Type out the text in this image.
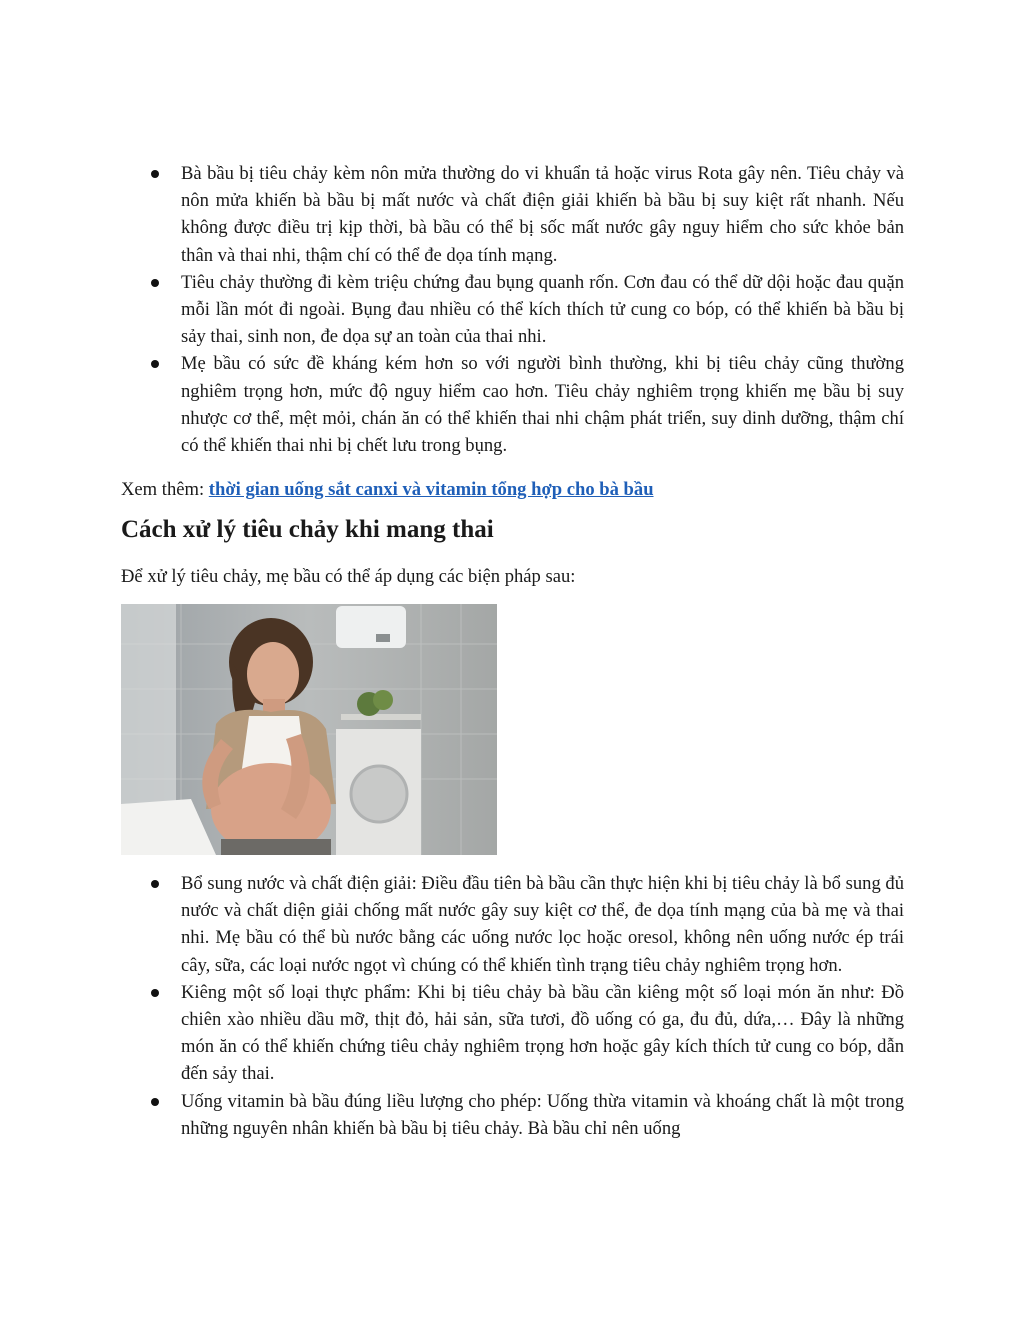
Bà bầu bị tiêu chảy kèm nôn mửa thường do vi khuẩn tả hoặc virus Rota gây nên. Tiêu chảy và nôn mửa khiến bà bầu bị mất nước và chất điện giải khiến bà bầu bị suy kiệt rất nhanh. Nếu không được điều trị kịp thời, bà bầu có thể bị sốc mất nước gây nguy hiểm cho sức khỏe bản thân và thai nhi, thậm chí có thể đe dọa tính mạng.
Tiêu chảy thường đi kèm triệu chứng đau bụng quanh rốn. Cơn đau có thể dữ dội hoặc đau quặn mỗi lần mót đi ngoài. Bụng đau nhiều có thể kích thích tử cung co bóp, có thể khiến bà bầu bị sảy thai, sinh non, đe dọa sự an toàn của thai nhi.
Mẹ bầu có sức đề kháng kém hơn so với người bình thường, khi bị tiêu chảy cũng thường nghiêm trọng hơn, mức độ nguy hiểm cao hơn. Tiêu chảy nghiêm trọng khiến mẹ bầu bị suy nhược cơ thể, mệt mỏi, chán ăn có thể khiến thai nhi chậm phát triển, suy dinh dưỡng, thậm chí có thể khiến thai nhi bị chết lưu trong bụng.
Xem thêm: thời gian uống sắt canxi và vitamin tổng hợp cho bà bầu
Cách xử lý tiêu chảy khi mang thai
Để xử lý tiêu chảy, mẹ bầu có thể áp dụng các biện pháp sau:
Bổ sung nước và chất điện giải: Điều đầu tiên bà bầu cần thực hiện khi bị tiêu chảy là bổ sung đủ nước và chất diện giải chống mất nước gây suy kiệt cơ thể, đe dọa tính mạng của bà mẹ và thai nhi. Mẹ bầu có thể bù nước bằng các uống nước lọc hoặc oresol, không nên uống nước ép trái cây, sữa, các loại nước ngọt vì chúng có thể khiến tình trạng tiêu chảy nghiêm trọng hơn.
Kiêng một số loại thực phẩm: Khi bị tiêu chảy bà bầu cần kiêng một số loại món ăn như: Đồ chiên xào nhiều dầu mỡ, thịt đỏ, hải sản, sữa tươi, đồ uống có ga, đu đủ, dứa,… Đây là những món ăn có thể khiến chứng tiêu chảy nghiêm trọng hơn hoặc gây kích thích tử cung co bóp, dẫn đến sảy thai.
Uống vitamin bà bầu đúng liều lượng cho phép: Uống thừa vitamin và khoáng chất là một trong những nguyên nhân khiến bà bầu bị tiêu chảy. Bà bầu chỉ nên uống
